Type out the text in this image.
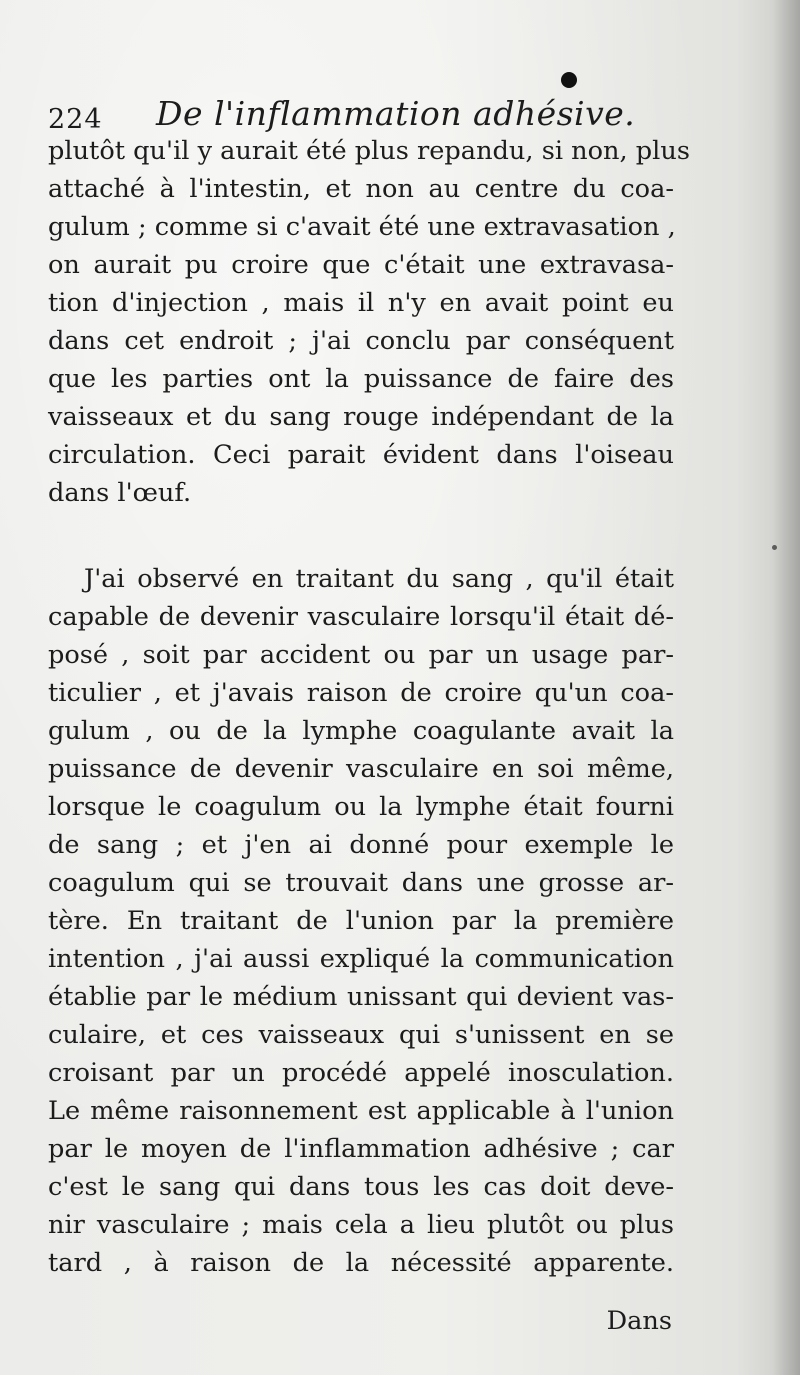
224 De l'inflammation adhésive.
plutôt qu'il y aurait été plus repandu, si non, plus
attaché à l'intestin, et non au centre du coa-
gulum ; comme si c'avait été une extravasation ,
on aurait pu croire que c'était une extravasa-
tion d'injection , mais il n'y en avait point eu
dans cet endroit ; j'ai conclu par conséquent
que les parties ont la puissance de faire des
vaisseaux et du sang rouge indépendant de la
circulation. Ceci parait évident dans l'oiseau
dans l'œuf.
J'ai observé en traitant du sang , qu'il était
capable de devenir vasculaire lorsqu'il était dé-
posé , soit par accident ou par un usage par-
ticulier , et j'avais raison de croire qu'un coa-
gulum , ou de la lymphe coagulante avait la
puissance de devenir vasculaire en soi même,
lorsque le coagulum ou la lymphe était fourni
de sang ; et j'en ai donné pour exemple le
coagulum qui se trouvait dans une grosse ar-
tère. En traitant de l'union par la première
intention , j'ai aussi expliqué la communication
établie par le médium unissant qui devient vas-
culaire, et ces vaisseaux qui s'unissent en se
croisant par un procédé appelé inosculation.
Le même raisonnement est applicable à l'union
par le moyen de l'inflammation adhésive ; car
c'est le sang qui dans tous les cas doit deve-
nir vasculaire ; mais cela a lieu plutôt ou plus
tard , à raison de la nécessité apparente.
Dans
